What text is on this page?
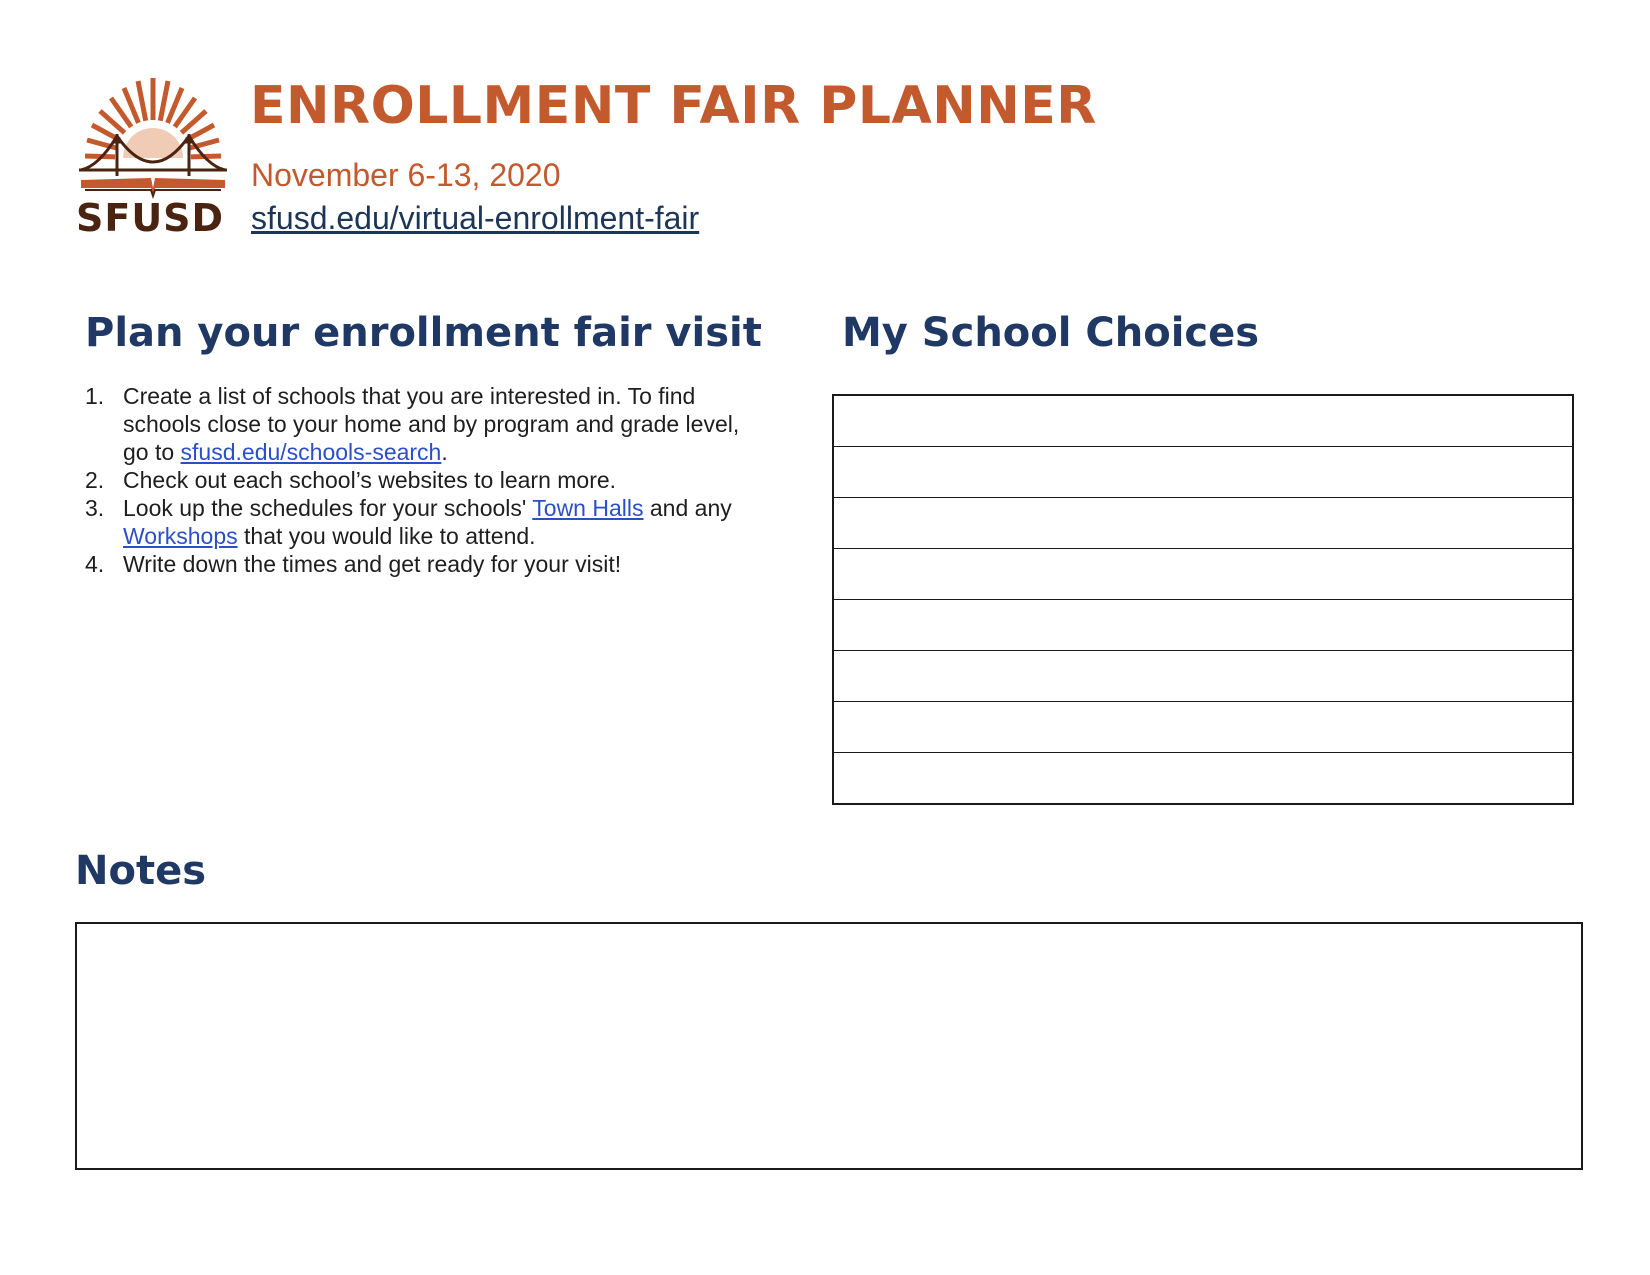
SFUSD
ENROLLMENT FAIR PLANNER
November 6-13, 2020
sfusd.edu/virtual-enrollment-fair
Plan your enrollment fair visit
1. Create a list of schools that you are interested in. To find schools close to your home and by program and grade level, go to sfusd.edu/schools-search.
2. Check out each school’s websites to learn more.
3. Look up the schedules for your schools' Town Halls and any Workshops that you would like to attend.
4. Write down the times and get ready for your visit!
My School Choices
Notes
